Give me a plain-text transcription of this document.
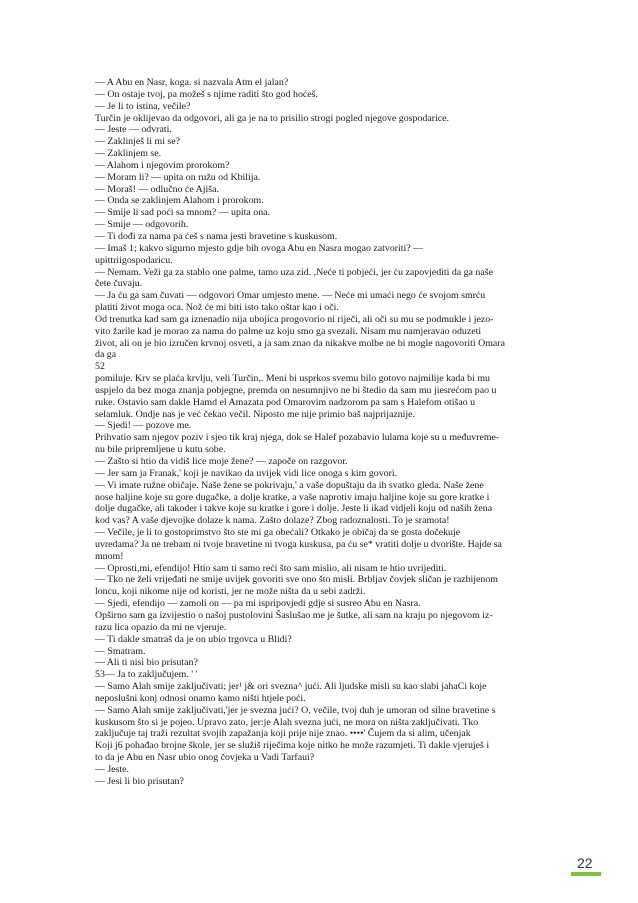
— A Abu en Nasr, koga. si nazvala Atm el jalan?
— On ostaje tvoj, pa možeš s njime raditi što god hoćeš.
— Je li to istina, večile?
Turčin je oklijevao da odgovori, ali ga je na to prisilio strogi pogled njegove gospodarice.
— Jeste — odvrati.
— Zaklinješ li mi se?
— Zaklinjem se.
— Alahom i njegovim prorokom?
— Moram li? — upita on ružu od Kbilija.
— Moraš! — odlučno će Ajiša.
— Onda se zaklinjem Alahom i prorokom.
— Smije li sad poći sa mnom? — upita ona.
— Smije — odgovorih.
— Ti dođi za nama pa ćeš s nama jesti bravetine s kuskusom.
— Imaš 1; kakvo sigurno mjesto gdje bih ovoga Abu en Nasra mogao zatvoriti? —
upittriigospodaricu.
— Nemam. Veži ga za stablo one palme, tamo uza zid. ,Neće ti pobjeći, jer ću zapovjediti da ga naše
čete čuvaju.
— Ja ću ga sam čuvati — odgovori Omar umjesto mene. — Neće mi umaći nego će svojom smrću
platiti život moga oca. Nož će mi biti isto tako oštar kao i oči.
Od trenutka kad sam ga iznenadio nija ubojica progovorio ni riječi, ali oči su mu se podmukle i jezo-
vito žarile kad je morao za nama do palme uz koju smo ga svezali. Nisam mu namjeravao oduzeti
život, ali on je bio izručen krvnoj osveti, a ja sam znao da nikakve molbe ne bi mogle nagovoriti Omara
da ga
52
pomiluje. Krv se plaća krvlju, veli Turčin,. Meni bi usprkos svemu bilo gotovo najmilije kada bi mu
uspjelo da bez moga znanja pobjegne, premda on nesumnjivo ne bi štedio da sam mu jiesrećom pao u
ruke. Ostavio sam dakle Hamd el Amazata pod Omarovim nadzorom pa sam s Halefom otišao u
selamluk. Ondje nas je već čekao večil. Niposto me nije primio baš najprijaznije.
— Sjedi! — pozove me.
Prihvatio sam njegov poziv i sjeo tik kraj njega, dok se Halef pozabavio lulama koje su u međuvreme-
nu bile pripremljene u kutu sobe.
— Zašto si htio da vidiš lice moje žene? — započe on razgovor.
— Jer sam ja Franak,' koji je navikao da uvijek vidi lice onoga s kim govori.
— Vi imate ružne običaje. Naše žene se pokrivaju,' a vaše dopuštaju da ih svatko gleda. Naše žene
nose haljine koje su gore dugačke, a dolje kratke, a vaše naprotiv imaju haljine koje su gore kratke i
dolje dugačke, ali takoder i takve koje su kratke i gore i dolje. Jeste li ikad vidjeli koju od naših žena
kod vas? A vaše djevojke dolaze k nama. Zašto dolaze? Zbog radoznalosti. To je sramota!
— Večile, je li to gostoprimstvo što ste mi ga obećali? Otkako je običaj da se gosta dočekuje
uvredama? Ja ne trebam ni tvoje bravetine ni tvoga kuskusa, pa ću se* vratiti dolje u dvorište. Hajde sa
mnom!
— Oprosti,mi, efendijo! Htio sam ti samo reći što sam mislio, ali nisam te htio uvrijediti.
— Tko ne želi vrijeđati ne smije uvijek govoriti sve ono što misli. Brbljav čovjek sličan je razbijenom
loncu, koji nikome nije od koristi, jer ne može ništa da u sebi zadrži.
— Sjedi, efendijo — zamoli on — pa mi ispripovjedi gdje si susreo Abu en Nasra.
Opširno sam ga izvijestio o našoj pustolovini Šaslušao me je šutke, ali sam na kraju po njegovom iz-
razu lica opazio da mi ne vjeruje.
— Ti dakle smatraš da je on ubio trgovca u Blidi?
— Smatram.
— Ali ti nisi bio prisutan?
53— Ja to zaključujem. ' '
— Samo Alah smije zaključivati; jer¹ j& ori svezna^ jući. Ali ljudske misli su kao slabi jahaCi koje
neposlušni konj odnosi onamo kamo ništi htjele poći.
— Samo Alah smije zaključivati,'jer je svezna jući? O, večile, tvoj duh je umoran od silne bravetine s
kuskusom što si je pojeo. Upravo zato, jer:je Alah svezna jući, ne mora on ništa zaključivati. Tko
zaključuje taj traži rezultat svojih zapažanja koji prije nije znao. ••••' Čujem da si alim, učenjak
Koji j6 pohađao brojne škole, jer se služiš riječima koje nitko he može razumjeti. Ti dakle vjeruješ i
to da je Abu en Nasr ubio onog čovjeka u Vadi Tarfaui?
— Jeste.
— Jesi li bio prisutan?
22
